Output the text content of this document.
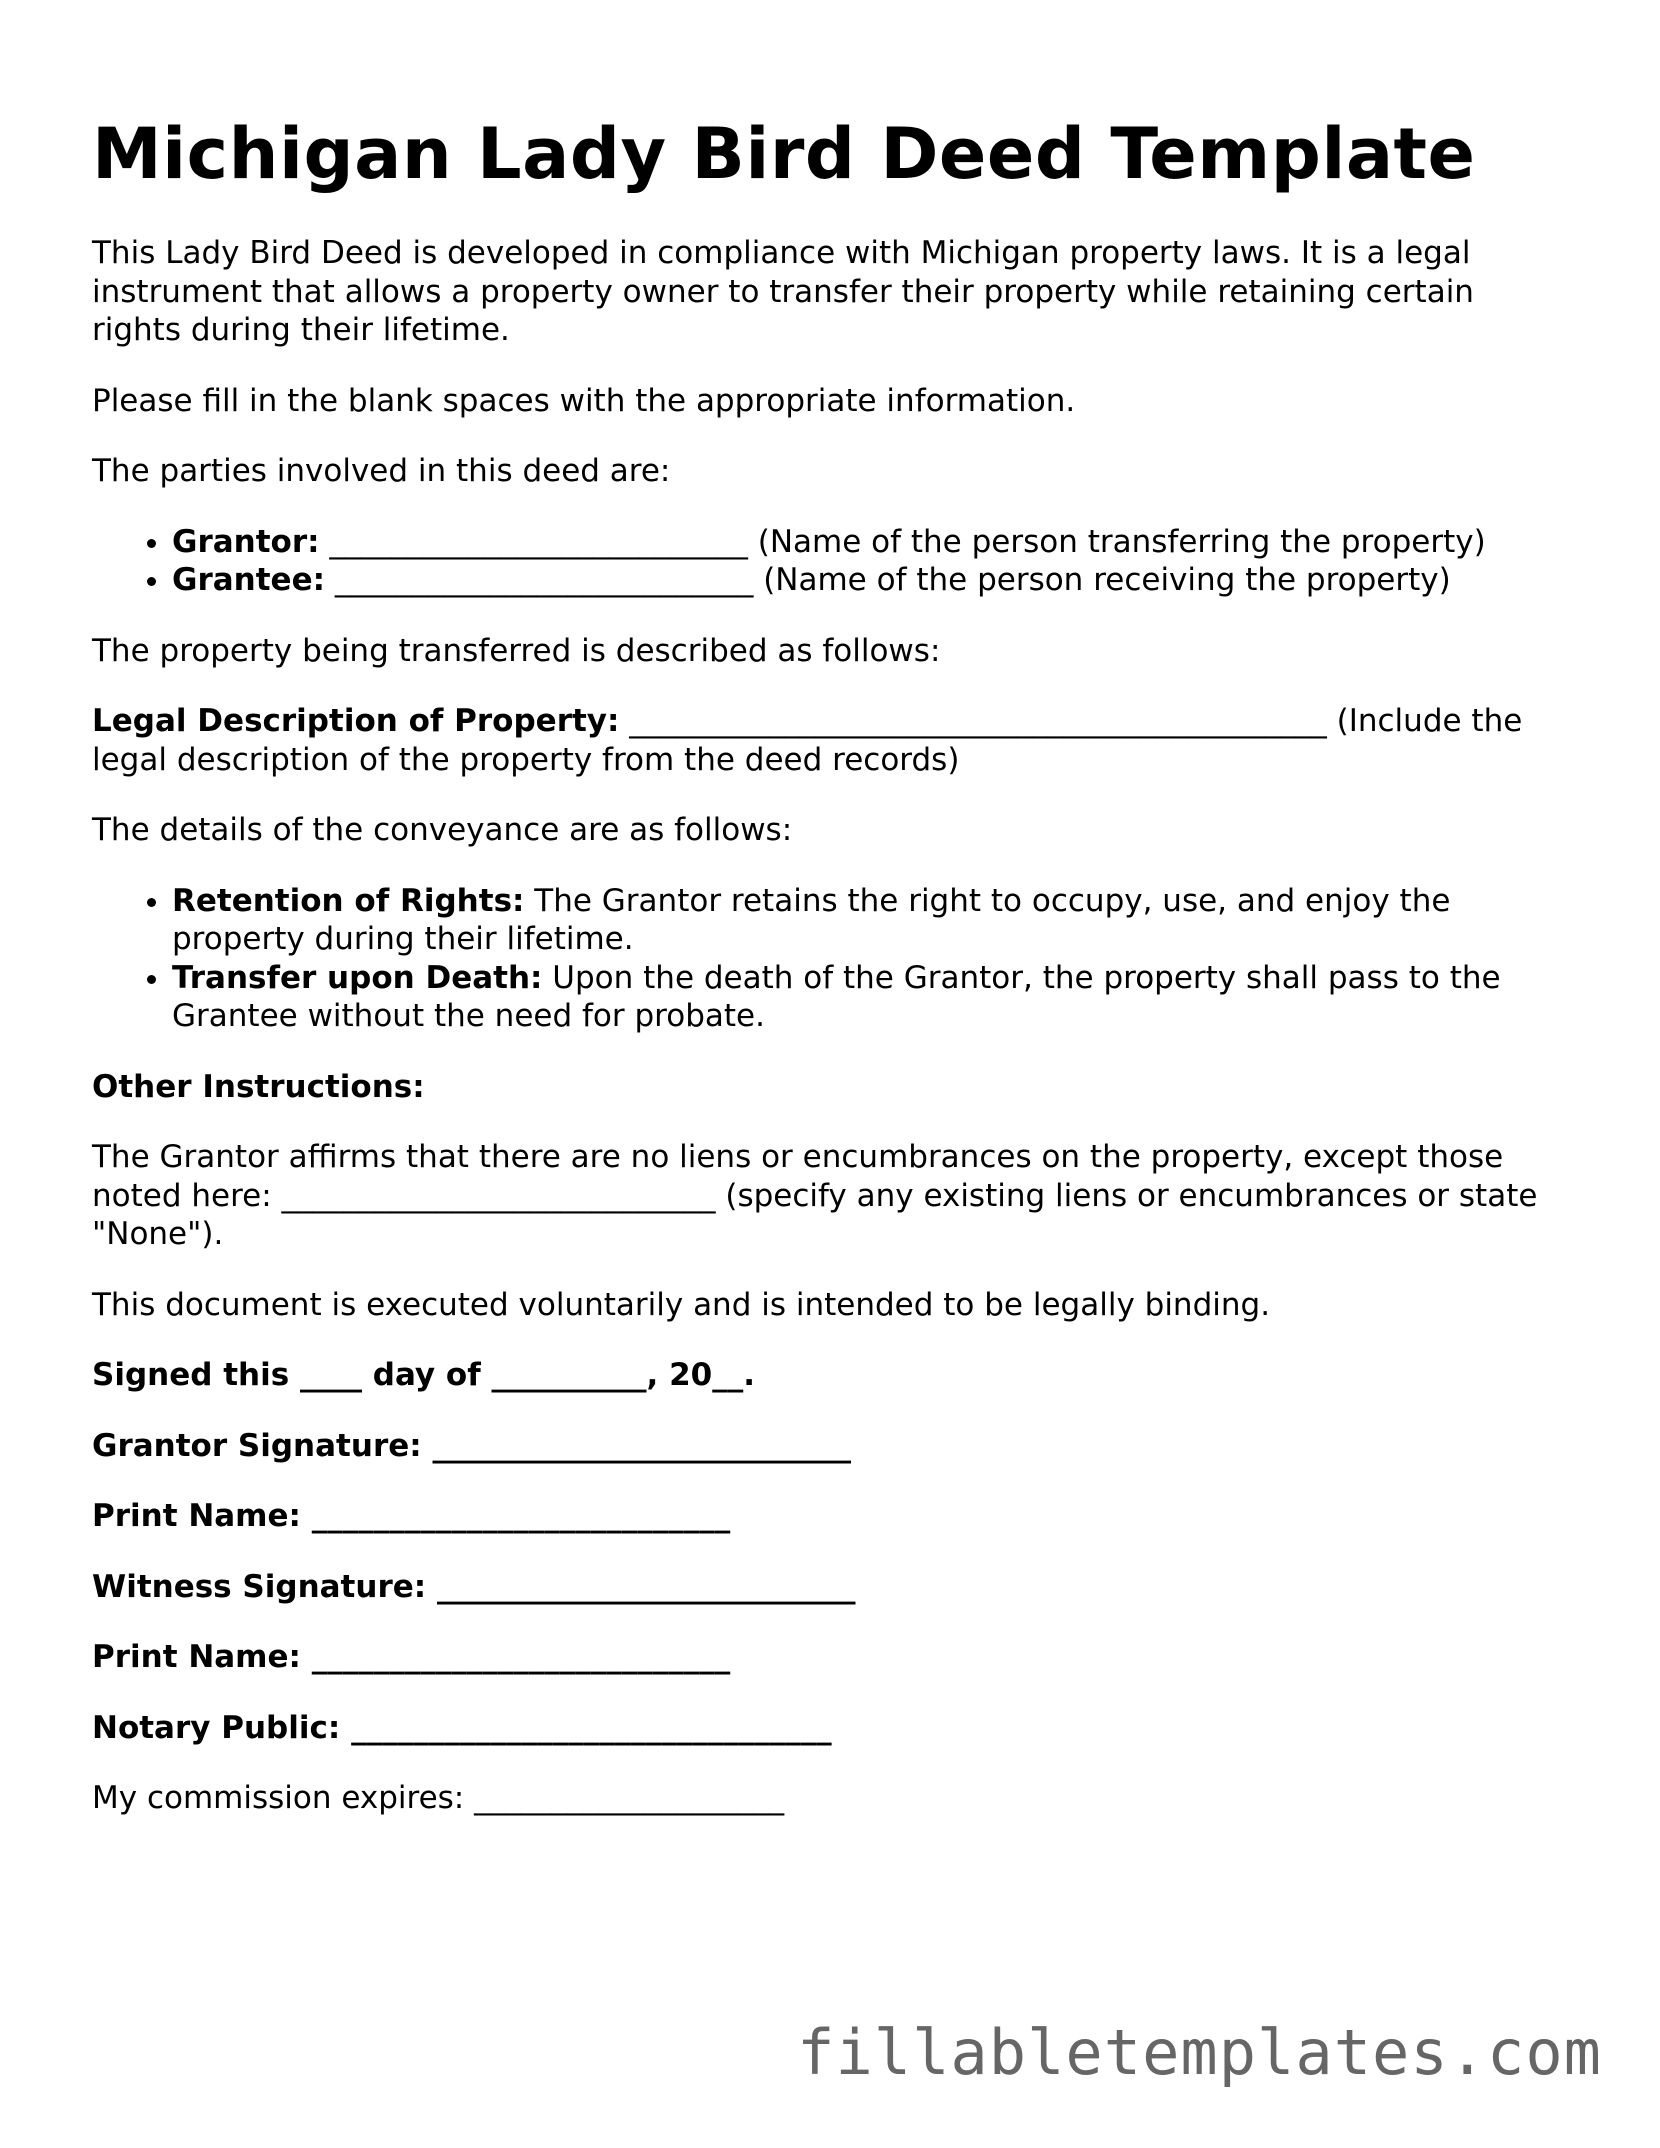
Michigan Lady Bird Deed Template

This Lady Bird Deed is developed in compliance with Michigan property laws. It is a legal instrument that allows a property owner to transfer their property while retaining certain rights during their lifetime.

Please fill in the blank spaces with the appropriate information.

The parties involved in this deed are:

• Grantor: ___________________________ (Name of the person transferring the property)
• Grantee: ___________________________ (Name of the person receiving the property)

The property being transferred is described as follows:

Legal Description of Property: _____________________________________________ (Include the legal description of the property from the deed records)

The details of the conveyance are as follows:

• Retention of Rights: The Grantor retains the right to occupy, use, and enjoy the property during their lifetime.
• Transfer upon Death: Upon the death of the Grantor, the property shall pass to the Grantee without the need for probate.

Other Instructions:

The Grantor affirms that there are no liens or encumbrances on the property, except those noted here: ____________________________ (specify any existing liens or encumbrances or state "None").

This document is executed voluntarily and is intended to be legally binding.

Signed this ____ day of __________, 20__.

Grantor Signature: ___________________________

Print Name: ___________________________

Witness Signature: ___________________________

Print Name: ___________________________

Notary Public: _______________________________

My commission expires: ____________________

fillabletemplates.com
